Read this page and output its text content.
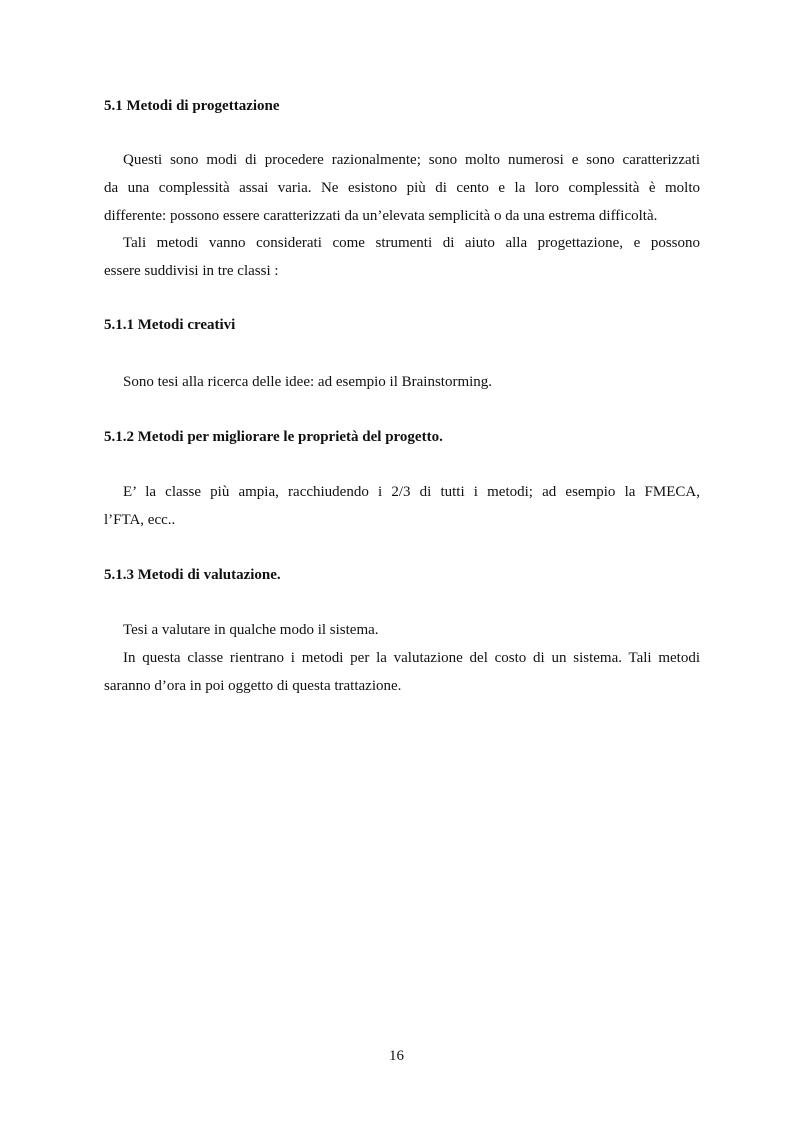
5.1 Metodi di progettazione
Questi sono modi di procedere razionalmente; sono molto numerosi e sono caratterizzati
da una complessità assai varia. Ne esistono più di cento e la loro complessità è molto
differente: possono essere caratterizzati da un’elevata semplicità o da una estrema difficoltà.
Tali metodi vanno considerati come strumenti di aiuto alla progettazione, e possono
essere suddivisi in tre classi :
5.1.1 Metodi creativi
Sono tesi alla ricerca delle idee: ad esempio il Brainstorming.
5.1.2 Metodi per migliorare le proprietà del progetto.
E’ la classe più ampia, racchiudendo i 2/3 di tutti i metodi; ad esempio la FMECA,
l’FTA, ecc..
5.1.3 Metodi di valutazione.
Tesi a valutare in qualche modo il sistema.
In questa classe rientrano i metodi per la valutazione del costo di un sistema. Tali metodi
saranno d’ora in poi oggetto di questa trattazione.
16
